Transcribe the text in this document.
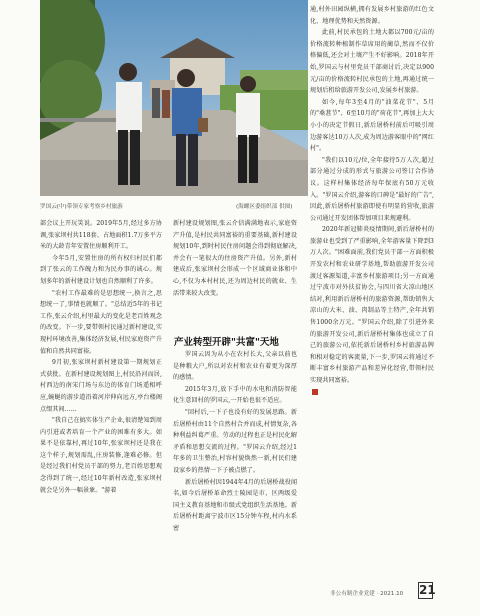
罗国云(中)带领专家考察乡村旅游	(海螺区委组织部 供图)

部会议上开玩笑说。2019年5月,经过多方协调,张家坝村共118套、占地面积1.7万多平方米的大龄青年安置住房顺利开工。

今年5月,安置住房的所有权归村民们都到了张云的工作魄力和为民办事的诚心。规划多年的新村建设计划也自然顺利了许多。

"农村工作最难的是思想统一,换言之,思想统一了,事情也就顺了。"总结近5年的书记工作,张云介绍,村里最大的变化是老百姓观念的改变。下一步,要带领村民通过新村建设,实现村环境改善,集体经济发展,村民家庭资产升值和自然共同富裕。

9月初,张家坝村新村建设第一期规划正式获批。在新村建设规划图上,村民沿河而居,村西边的南宋门场与东边的体育门场遥相呼应,蜿蜒的游步道沿着河岸伸向远方,亭台楼阁点缀其间……

"我自己在搞实体生产企业,很清楚知到周内引进或者培育一个产业的困难有多大。如果不是依靠村,再过10年,张家坝村还是我在这个样子,规划需乱,庄房装修,逢难必修。但是经过我们村党员干部的努力,老百姓思想观念得到了统一,经过10年新村改造,张家坝村就会是另外一幅景象。"游着

新村建设规划图,张云介信满满地表示,家庭资产升值,是村民共同富裕的重要基础,新村建设规划10年,到时村民住房问题会得到彻底解决,并会有一笔很大的住房资产升值。另外,新村建成后,张家坝村会形成一个区域商业体和中心,不仅为本村村民,还为周边村民的就业、生活带来较大改变。

产业转型开辟"共富"天地

罗国云因为从小在农村长大,父亲以前也是种粮大户,所以对农村和农业有着更为深厚的感情。

2015年3月,放下手中的水电和消防智能化生意回村的罗国云,一开始也很不适应。

"回村后,一下子也没有好的发展思路。新后屠桥村由11个自然村合并而成,村情复杂,各种利益纠葛严重。劳动的过程也正是村民化解矛盾和思想交流的过程。"罗国云介绍,经过1年多的卫生整治,村容村貌焕然一新,村民们建设家乡的热情一下子被点燃了。

新后屠桥村因1944年4月的后屠桥战役闻名,如今后屠桥革命烈士陵园是市、区两级爱国主义教育基地和市级式党组织生活基地。新后屠桥村距离宁波市区15分钟车程,村内水系密

通,村外田园纵横,拥有发展乡村旅游的红色文化、地理优势和天然资源。

此前,村民承包的土地大都以700元/亩的价格流转种植制作草席用的蔺草,然而不仅价格偏低,还会对土壤产生不好影响。2018年开始,罗国云与村里党员干部商讨后,决定以900元/亩的价格流转村民承包的土地,再通过统一规划后租给旅游开发公司,发展乡村旅游。

如今,每年3至4月的"油菜花节"、5月的"桑葚节"、6至10月的"荷花节",再加上大大小小的决定节假日,新后屠桥村前后可吸引周边游客达10万人次,成为周边游客眼中的"网红村"。

"我们以10元/位,全年接待5万人次,超过部分通过分成的形式与旅游公司签订合作协议。这样村集体经济每年保底有50万元收入。"罗国云介绍,游客的口碑是"最好的广告",因此,新后屠桥村旅游即使有明显的营收,旅游公司通过开发团体帮加项目来规避利。

2020年新冠肺炎疫情期间,新后屠桥村的旅游业也受到了严重影响,全年游客量下降到3万人次。"困难面前,我们党员干部一方面积极开发农村和农业研学基地,帮助旅游开发公司渡过客源渠道,丰富乡村旅游项目;另一方面通过宁波市对外扶贫协会,与四川省大凉山地区结对,利用新后屠桥村的旅游资源,帮助销售大凉山的大米、油、肉制品等土特产,全年共销售1000余万元。"罗国云介绍,除了引进外来的旅游开发公司,新后屠桥村集体也成立了自己的旅游公司,依托新后屠桥村乡村旅游品牌和相对稳定的客流量,下一步,罗国云将通过不断丰富乡村旅游产品和差异化经营,带领村民实现共同富裕。

非公有制企业党建 · 2021.10 21
